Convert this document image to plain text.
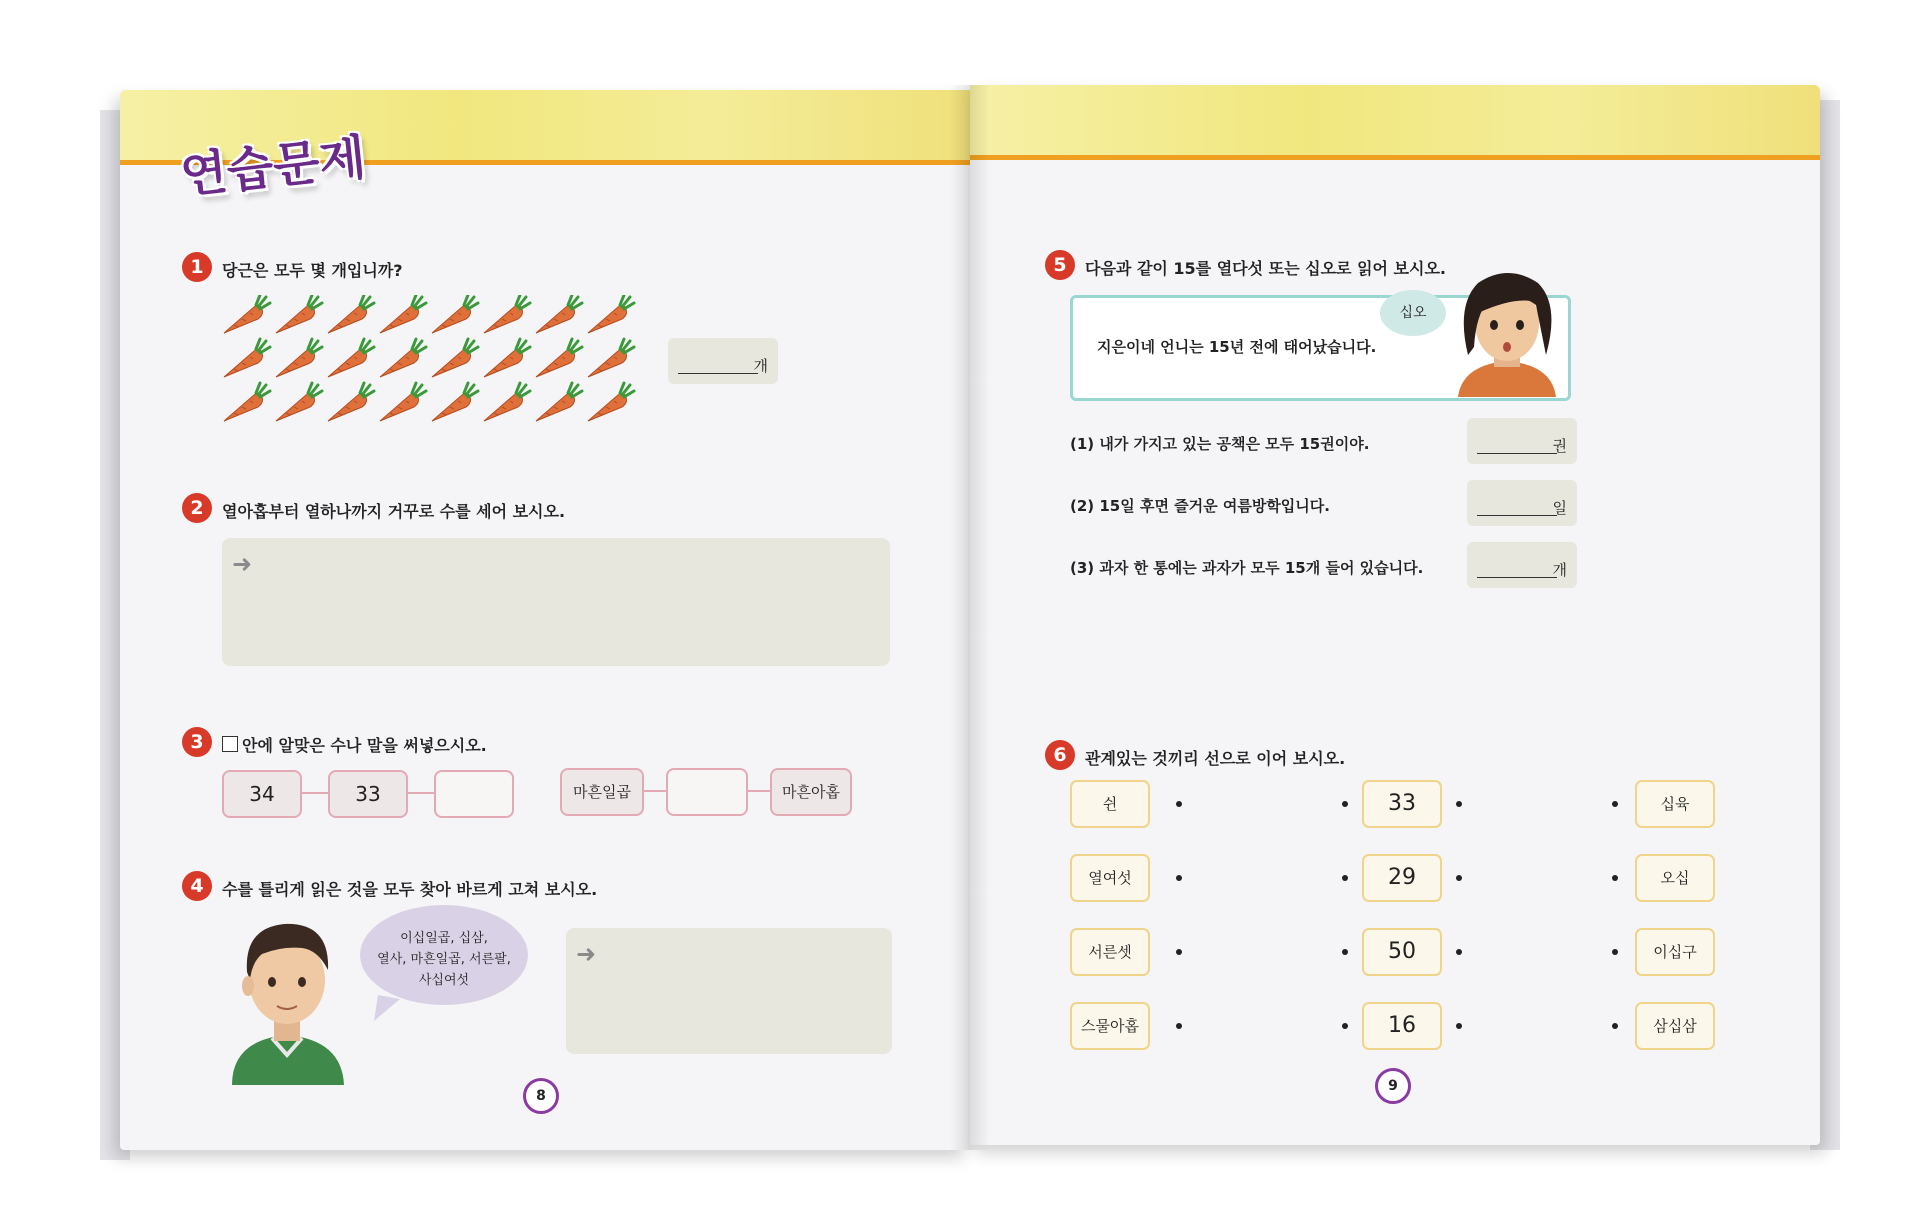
연습문제
1	당근은 모두 몇 개입니까?
개
2	열아홉부터 열하나까지 거꾸로 수를 세어 보시오.
➜
3	안에 알맞은 수나 말을 써넣으시오.
34	33	마흔일곱	마흔아홉
4	수를 틀리게 읽은 것을 모두 찾아 바르게 고쳐 보시오.
이십일곱, 십삼,
열사, 마흔일곱, 서른팔,
사십여섯
➜
8
5	다음과 같이 15를 열다섯 또는 십오로 읽어 보시오.
지은이네 언니는 15년 전에 태어났습니다.
십오
(1) 내가 가지고 있는 공책은 모두 15권이야.	권
(2) 15일 후면 즐거운 여름방학입니다.	일
(3) 과자 한 통에는 과자가 모두 15개 들어 있습니다.	개
6	관계있는 것끼리 선으로 이어 보시오.
쉰	33	십육
열여섯	29	오십
서른셋	50	이십구
스물아홉	16	삼십삼
9
